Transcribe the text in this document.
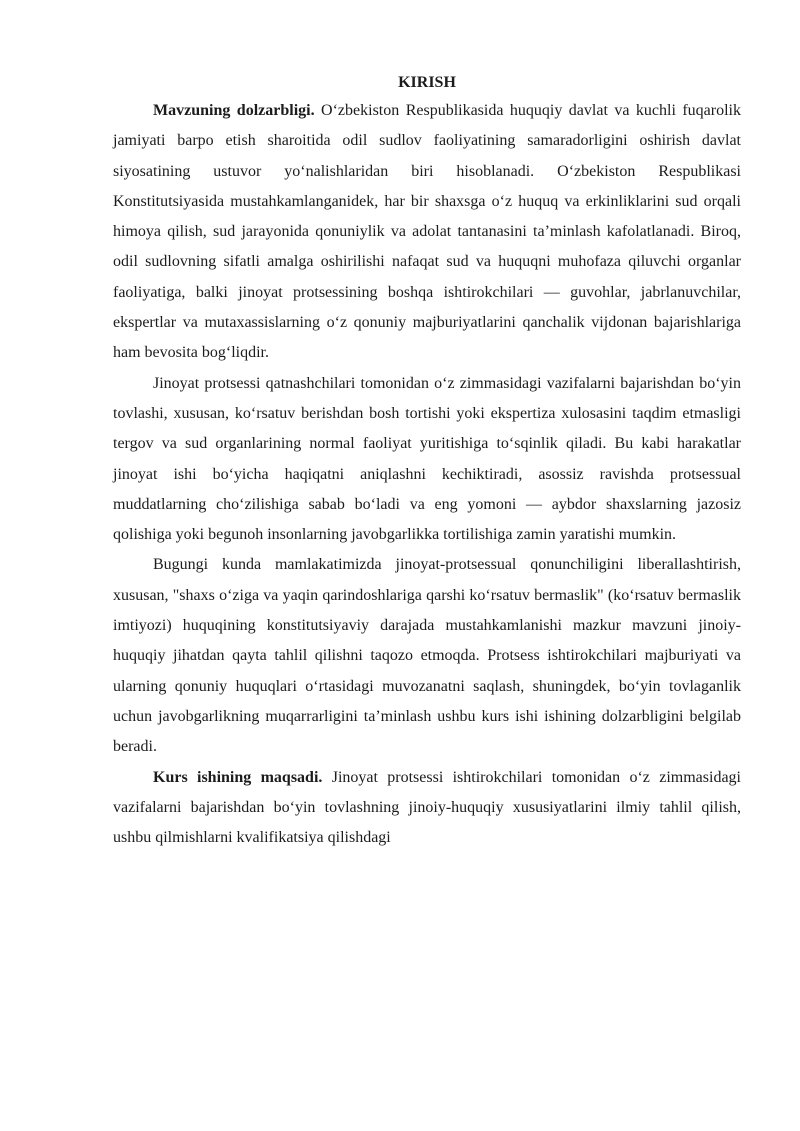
KIRISH

Mavzuning dolzarbligi. O‘zbekiston Respublikasida huquqiy davlat va kuchli fuqarolik jamiyati barpo etish sharoitida odil sudlov faoliyatining samaradorligini oshirish davlat siyosatining ustuvor yo‘nalishlaridan biri hisoblanadi. O‘zbekiston Respublikasi Konstitutsiyasida mustahkamlanganidek, har bir shaxsga o‘z huquq va erkinliklarini sud orqali himoya qilish, sud jarayonida qonuniylik va adolat tantanasini ta’minlash kafolatlanadi. Biroq, odil sudlovning sifatli amalga oshirilishi nafaqat sud va huquqni muhofaza qiluvchi organlar faoliyatiga, balki jinoyat protsessining boshqa ishtirokchilari — guvohlar, jabrlanuvchilar, ekspertlar va mutaxassislarning o‘z qonuniy majburiyatlarini qanchalik vijdonan bajarishlariga ham bevosita bog‘liqdir.

Jinoyat protsessi qatnashchilari tomonidan o‘z zimmasidagi vazifalarni bajarishdan bo‘yin tovlashi, xususan, ko‘rsatuv berishdan bosh tortishi yoki ekspertiza xulosasini taqdim etmasligi tergov va sud organlarining normal faoliyat yuritishiga to‘sqinlik qiladi. Bu kabi harakatlar jinoyat ishi bo‘yicha haqiqatni aniqlashni kechiktiradi, asossiz ravishda protsessual muddatlarning cho‘zilishiga sabab bo‘ladi va eng yomoni — aybdor shaxslarning jazosiz qolishiga yoki begunoh insonlarning javobgarlikka tortilishiga zamin yaratishi mumkin.

Bugungi kunda mamlakatimizda jinoyat-protsessual qonunchiligini liberallashtirish, xususan, "shaxs o‘ziga va yaqin qarindoshlariga qarshi ko‘rsatuv bermaslik" (ko‘rsatuv bermaslik imtiyozi) huquqining konstitutsiyaviy darajada mustahkamlanishi mazkur mavzuni jinoiy-huquqiy jihatdan qayta tahlil qilishni taqozo etmoqda. Protsess ishtirokchilari majburiyati va ularning qonuniy huquqlari o‘rtasidagi muvozanatni saqlash, shuningdek, bo‘yin tovlaganlik uchun javobgarlikning muqarrarligini ta’minlash ushbu kurs ishi ishining dolzarbligini belgilab beradi.

Kurs ishining maqsadi. Jinoyat protsessi ishtirokchilari tomonidan o‘z zimmasidagi vazifalarni bajarishdan bo‘yin tovlashning jinoiy-huquqiy xususiyatlarini ilmiy tahlil qilish, ushbu qilmishlarni kvalifikatsiya qilishdagi
